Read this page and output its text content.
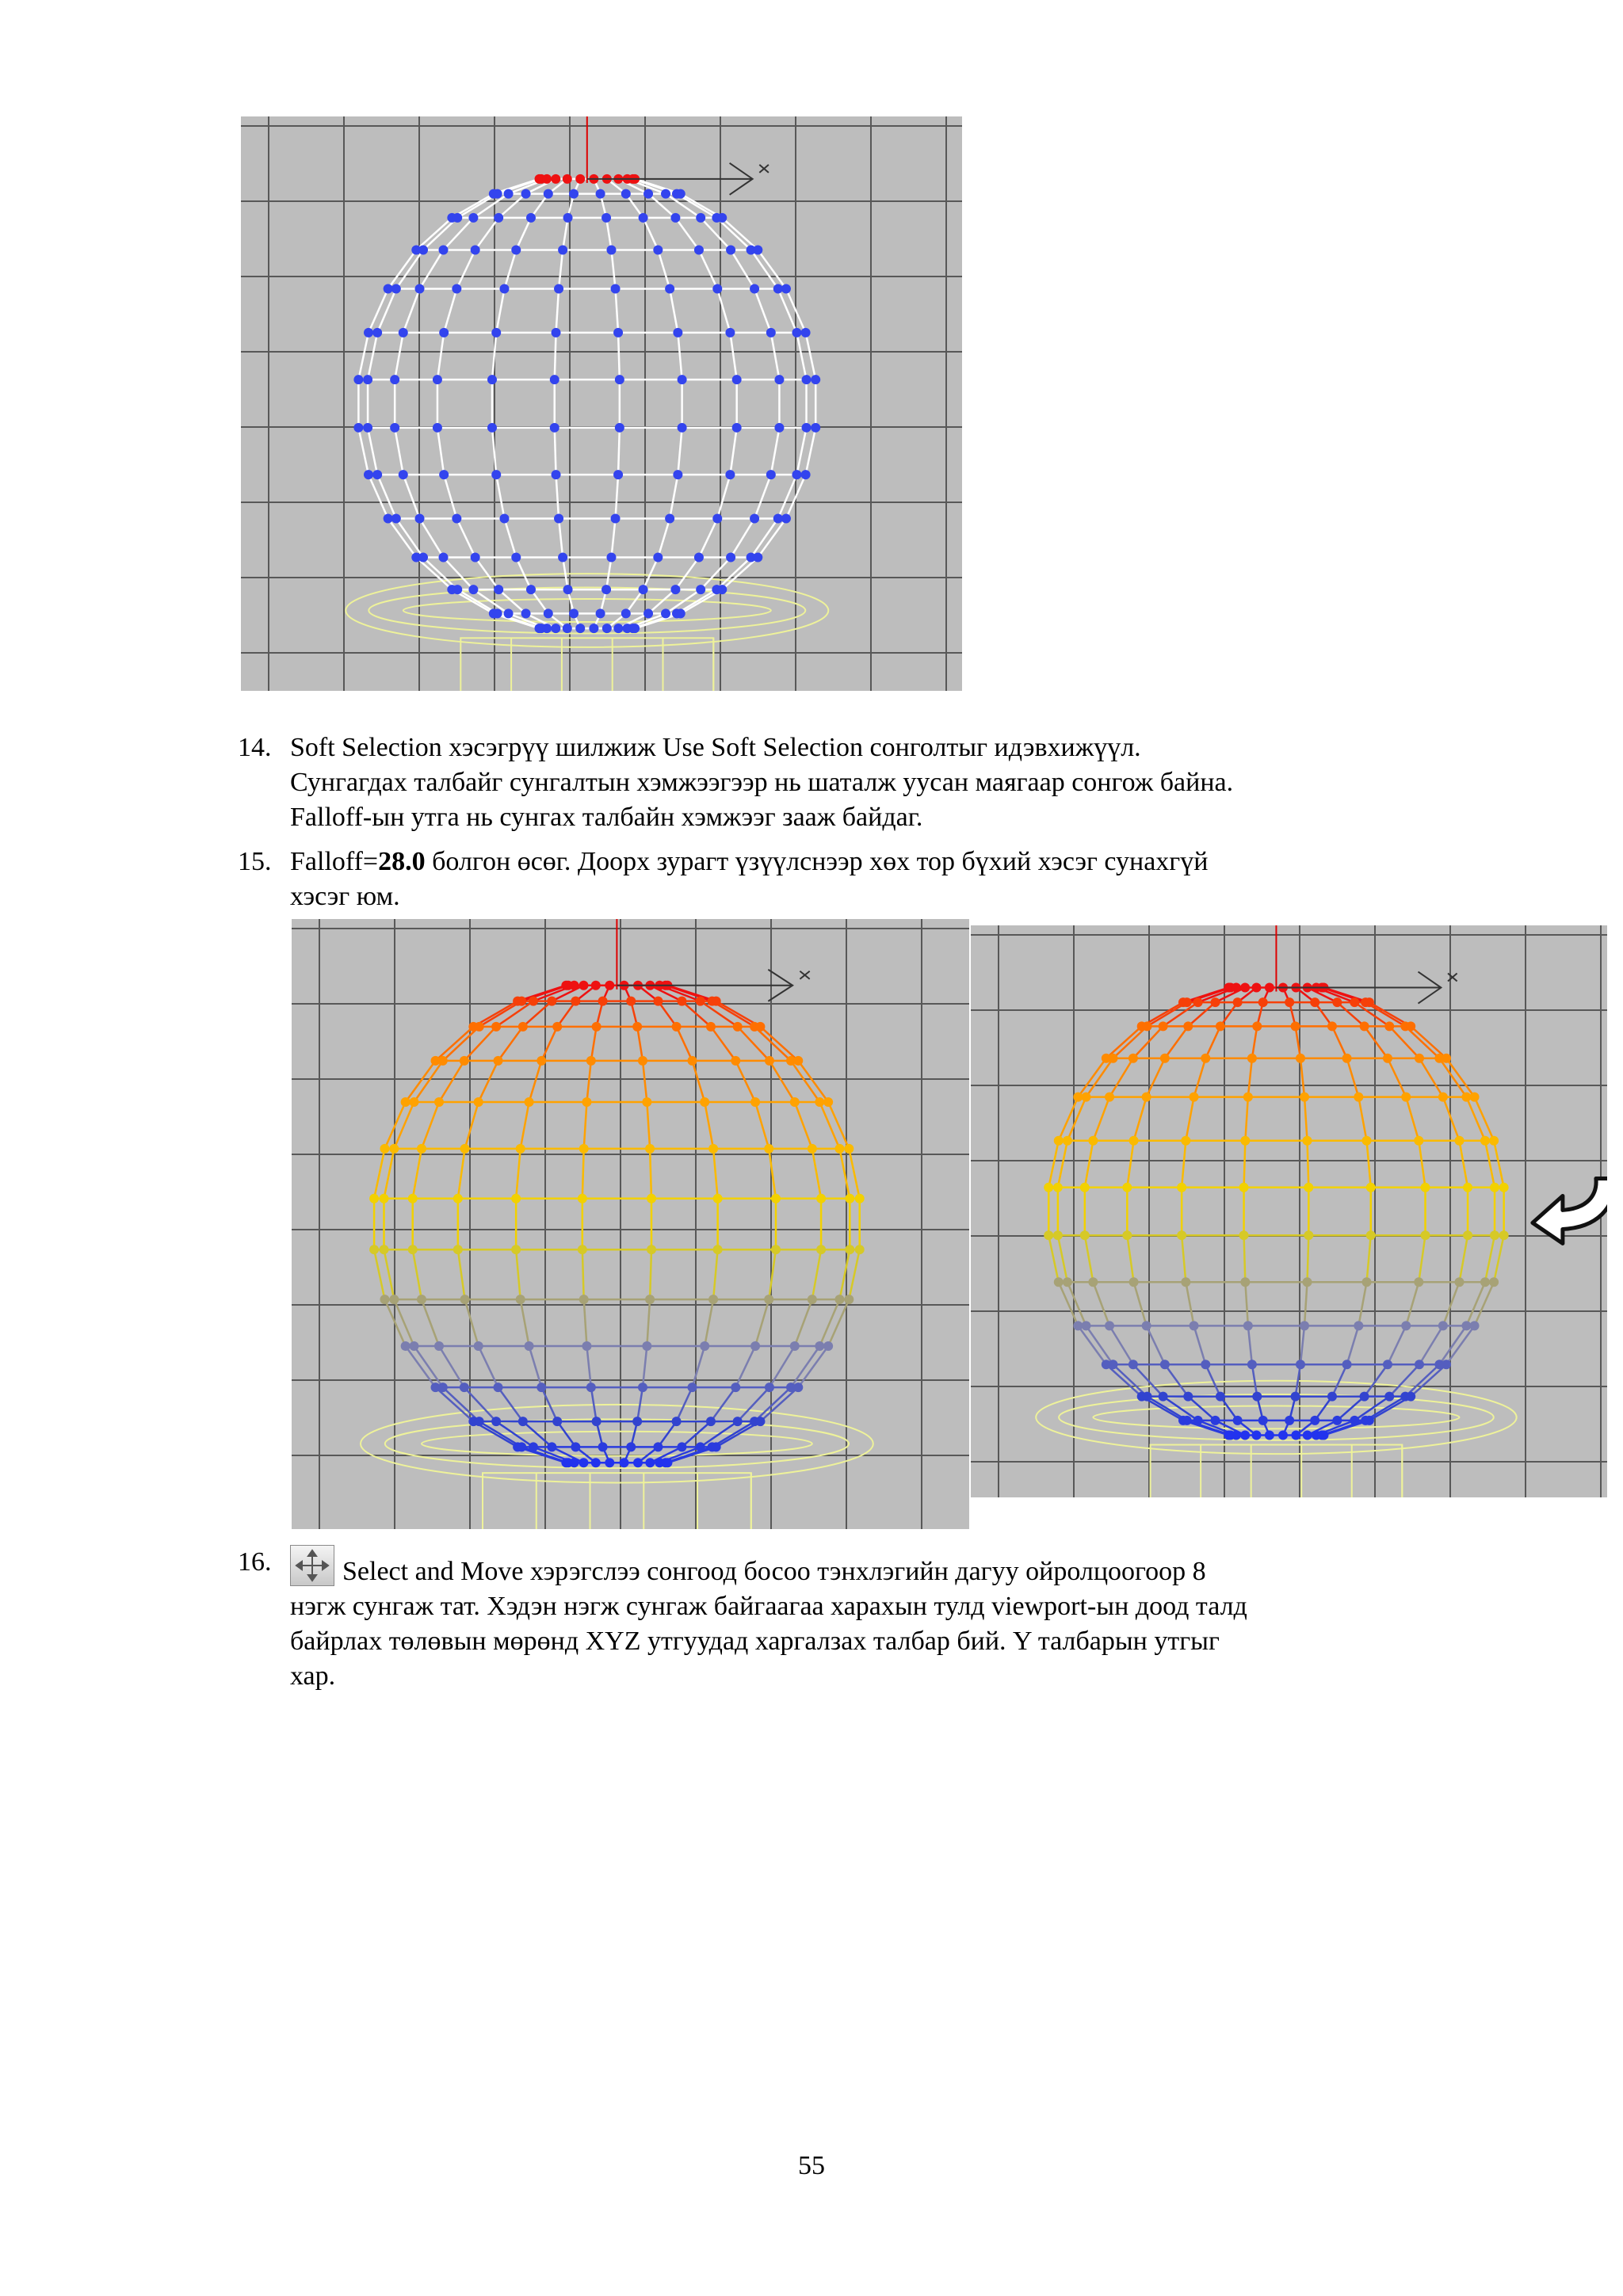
14. Soft Selection хэсэгрүү шилжиж Use Soft Selection сонголтыг идэвхижүүл.
Сунгагдах талбайг сунгалтын хэмжээгээр нь шаталж уусан маягаар сонгож байна.
Falloff-ын утга нь сунгах талбайн хэмжээг зааж байдаг.
15. Falloff=28.0 болгон өсөг. Доорх зурагт үзүүлснээр хөх тор бүхий хэсэг сунахгүй
хэсэг юм.
16.	Select and Move хэрэгслээ сонгоод босоо тэнхлэгийн дагуу ойролцоогоор 8
нэгж сунгаж тат. Хэдэн нэгж сунгаж байгаагаа харахын тулд viewport-ын доод талд
байрлах төлөвын мөрөнд XYZ утгуудад харгалзах талбар бий. Y талбарын утгыг
хар.
55
